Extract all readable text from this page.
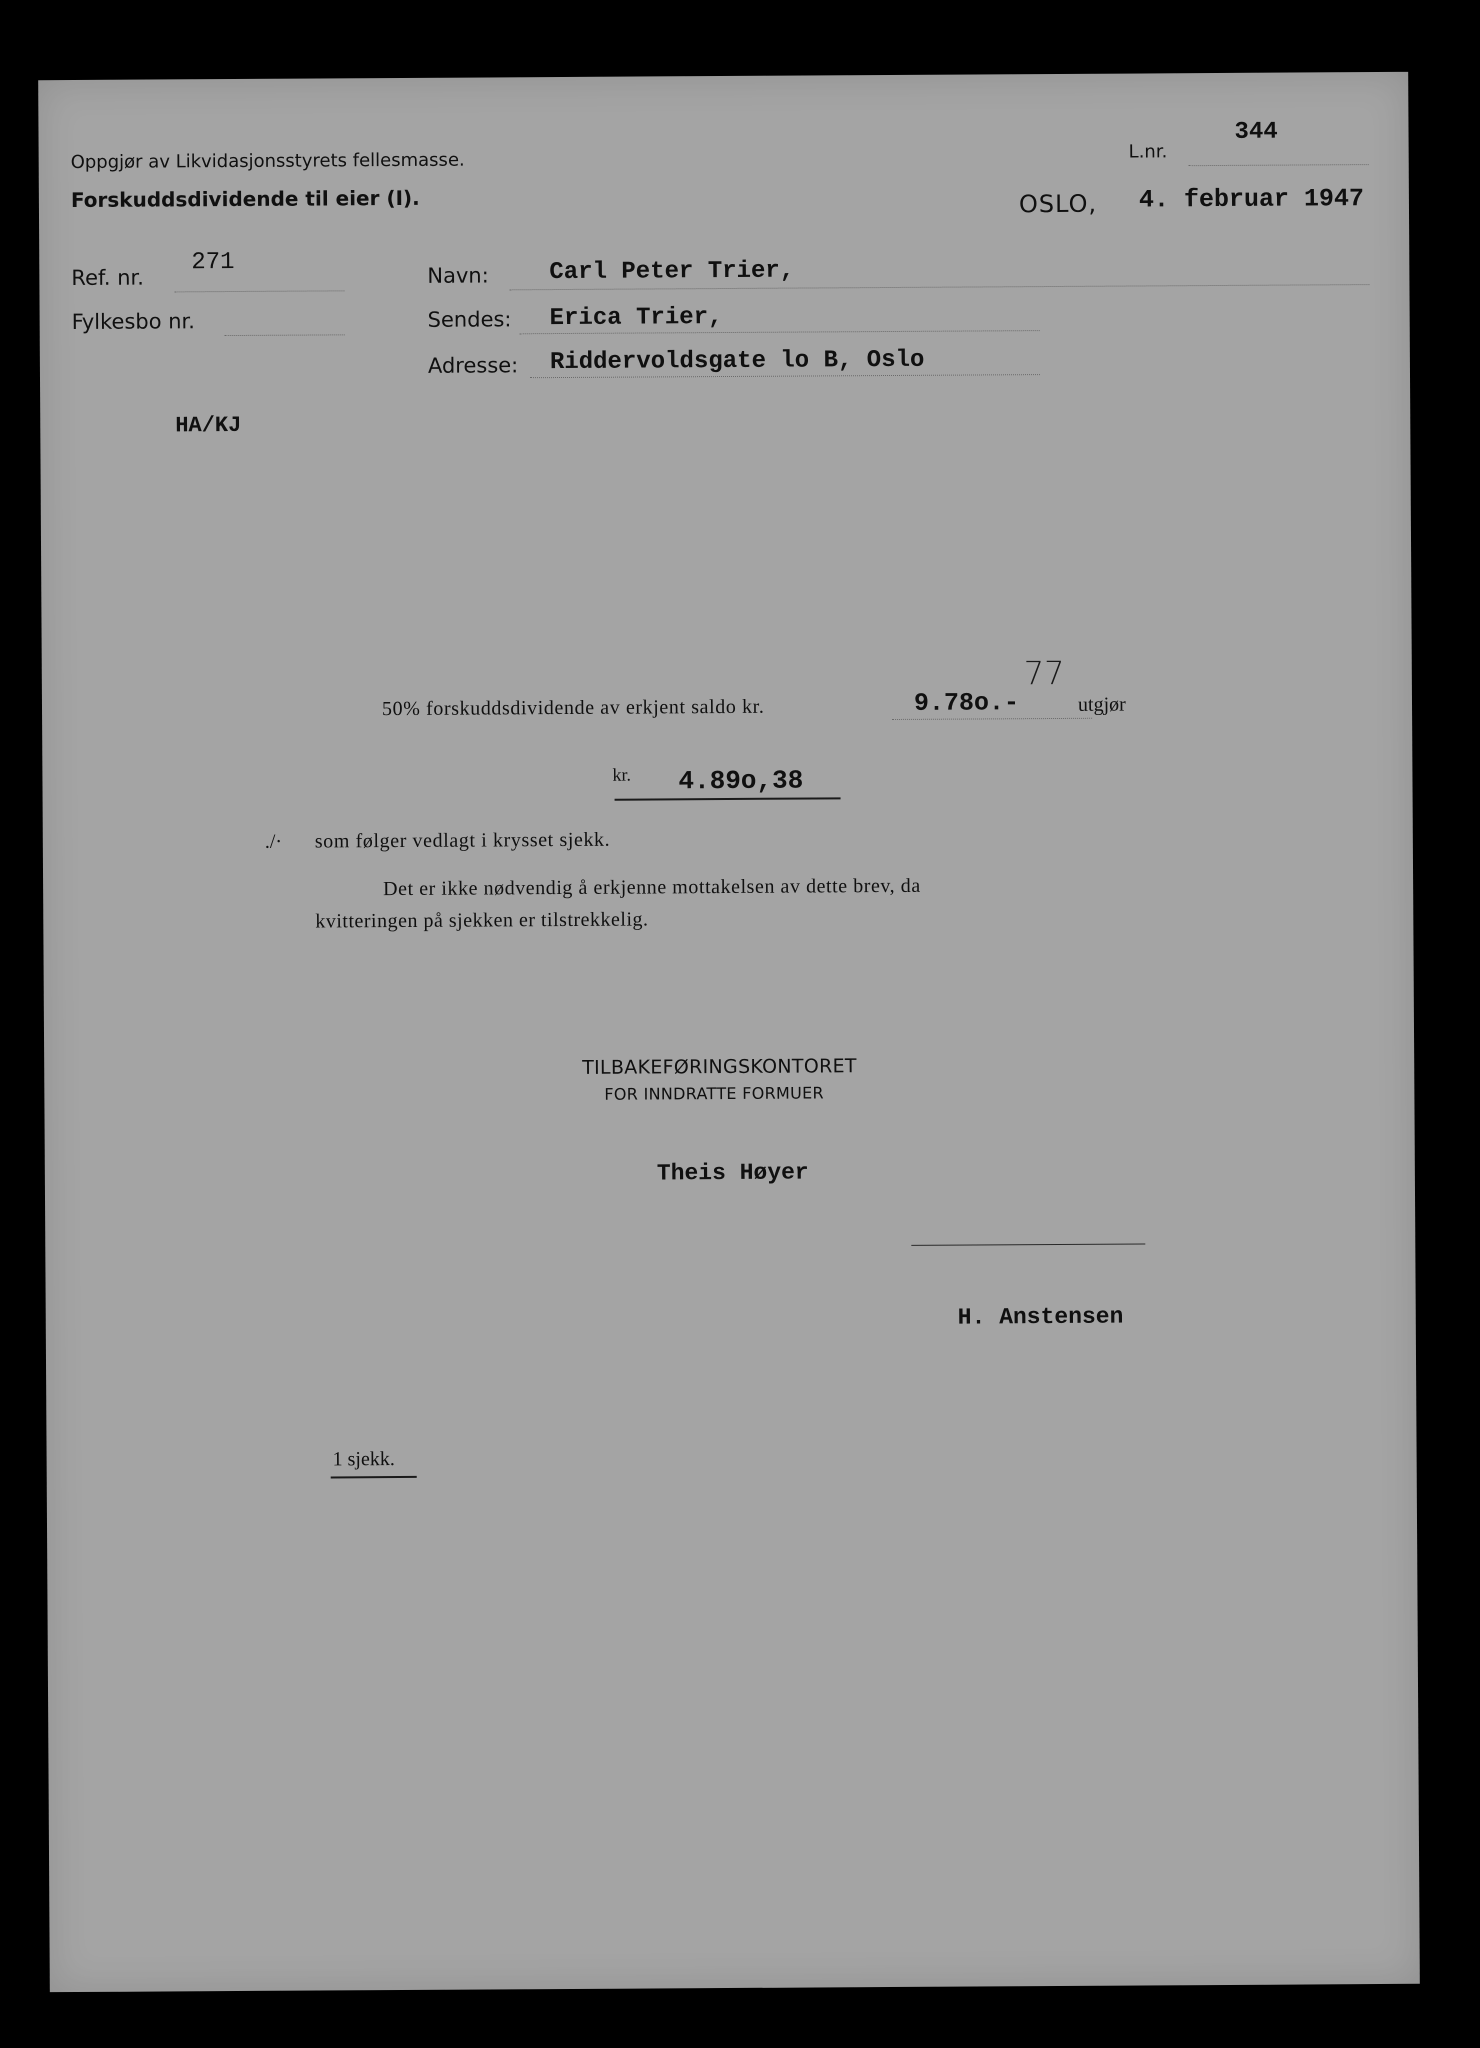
Oppgjør av Likvidasjonsstyrets fellesmasse.
Forskuddsdividende til eier (I).
L.nr.
344
OSLO, 4. februar 1947
Ref. nr.
271
Fylkesbo nr.
Navn:	Carl Peter Trier,
Sendes: Erica Trier,
Adresse: Riddervoldsgate lo B, Oslo
HA/KJ
50% forskuddsdividende av erkjent saldo kr.	9.78o.-
77
utgjør
kr. 4.89o,38
./· som følger vedlagt i krysset sjekk.
Det er ikke nødvendig å erkjenne mottakelsen av dette brev, da
kvitteringen på sjekken er tilstrekkelig.
TILBAKEFØRINGSKONTORET
FOR INNDRATTE FORMUER
Theis Høyer
H. Anstensen
1 sjekk.
